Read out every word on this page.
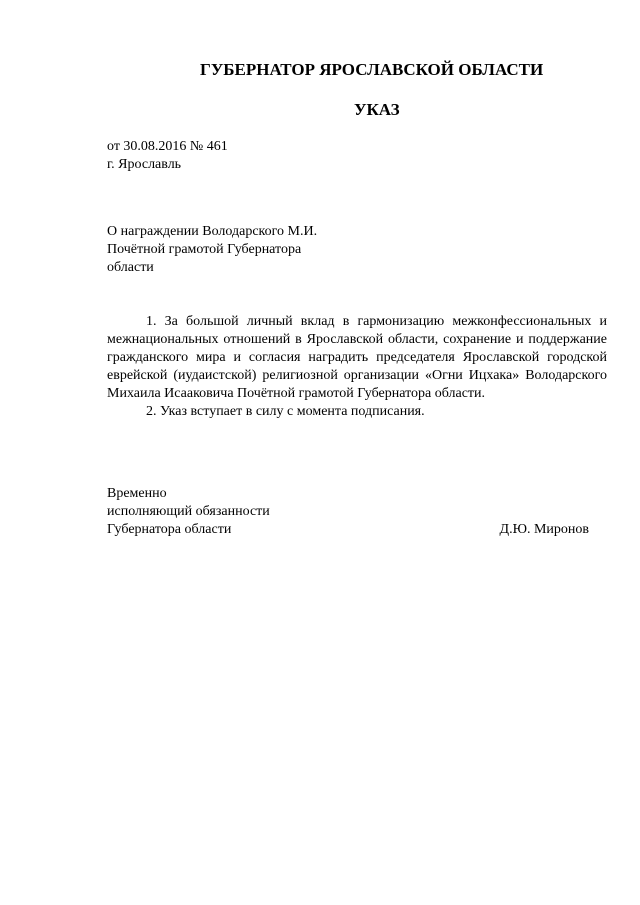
ГУБЕРНАТОР ЯРОСЛАВСКОЙ ОБЛАСТИ
УКАЗ
от 30.08.2016 № 461
г. Ярославль
О награждении Володарского М.И.
Почётной грамотой Губернатора
области

1. За большой личный вклад в гармонизацию межконфессиональных и межнациональных отношений в Ярославской области, сохранение и поддержание гражданского мира и согласия наградить председателя Ярославской городской еврейской (иудаистской) религиозной организации «Огни Ицхака» Володарского Михаила Исааковича Почётной грамотой Губернатора области.

2. Указ вступает в силу с момента подписания.

Временно
исполняющий обязанности
Губернатора области	Д.Ю. Миронов
